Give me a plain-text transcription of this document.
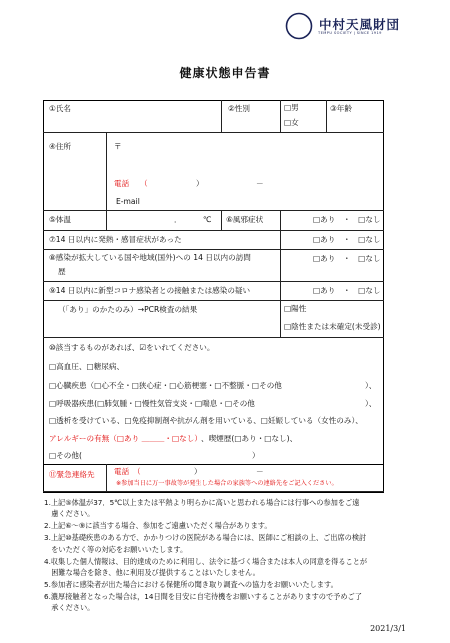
中村天風財団
TEMPU SOCIETY | SINCE 1919
健康状態申告書
①氏名	②性別	□男
□女
③年齢
④住所	〒
電話 （	）	－
E-mail
⑤体温	．	℃ ⑥風邪症状	□あり　・　□なし
⑦14 日以内に発熱・感冒症状があった	□あり　・　□なし
⑧感染が拡大している国や地域(国外)への 14 日以内の訪問
歴
□あり　・　□なし
⑨14 日以内に新型コロナ感染者との接触または感染の疑い	□あり　・　□なし
（「あり」のかたのみ）→PCR検査の結果	□陽性
□陰性または未確定(未受診)
⑩該当するものがあれば、☑をいれてください。
□高血圧、□糖尿病、
□心臓疾患（□心不全・□狭心症・□心筋梗塞・□不整脈・□その他	）、
□呼吸器疾患(□肺気腫・□慢性気管支炎・□喘息・□その他	）、
□透析を受けている、□免疫抑制剤や抗がん剤を用いている、□妊娠している（女性のみ）、
アレルギーの有無（□あり ＿＿＿・□なし） 、喫煙歴(□あり・□なし)、
□その他(	）
⑪緊急連絡先	電話　（	）	－
※参加当日に万一事故等が発生した場合の家族等への連絡先をご記入ください。
1.上記⑤体温が37．5℃以上または平熱より明らかに高いと思われる場合には行事への参加をご遠
　慮ください。
2.上記⑥～⑨に該当する場合、参加をご遠慮いただく場合があります。
3.上記⑩基礎疾患のある方で、かかりつけの医院がある場合には、医師にご相談の上、ご出席の検討
　をいただく等の対応をお願いいたします。
4.収集した個人情報は、目的達成のために利用し、法令に基づく場合または本人の同意を得ることが
　困難な場合を除き、他に利用及び提供することはいたしません。
5.参加者に感染者が出た場合における保健所の聞き取り調査への協力をお願いいたします。
6.濃厚接触者となった場合は，14日間を目安に自宅待機をお願いすることがありますので予めご了
　承ください。
2021/3/1
